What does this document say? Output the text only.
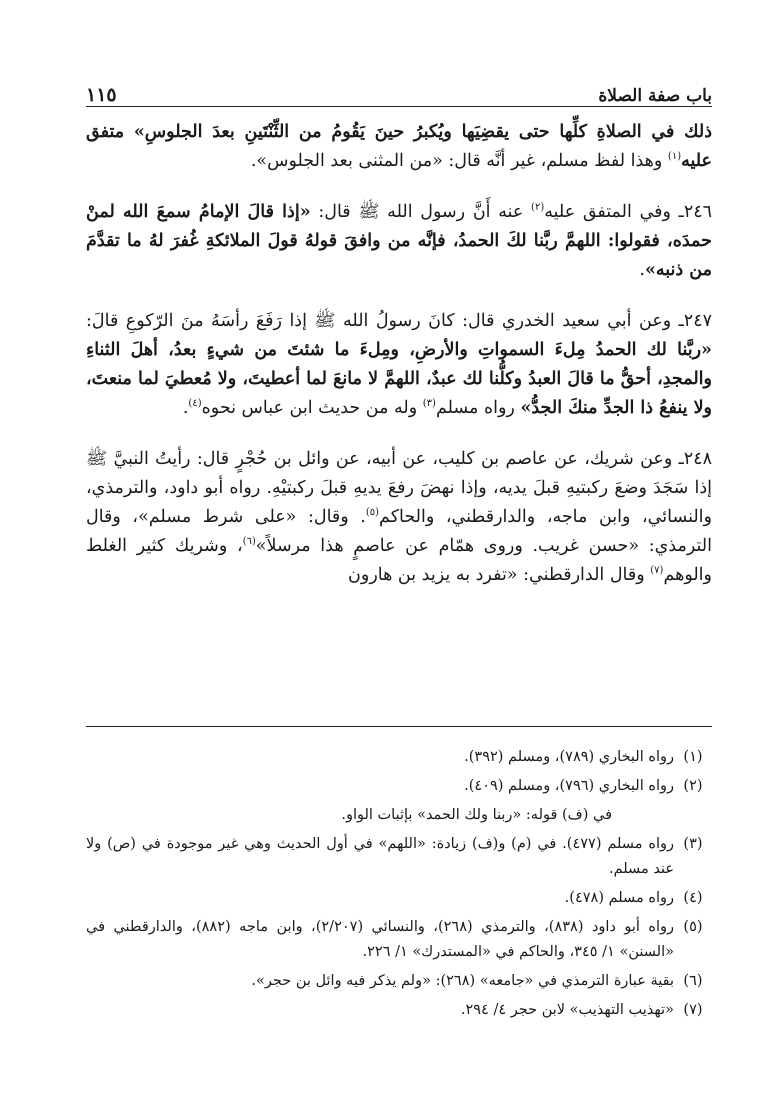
باب صفة الصلاة
١١٥

ذلك في الصلاةِ كلِّها حتى يقضِيَها ويُكبرُ حينَ يَقُومُ من الثِّنْتَينِ بعدَ الجلوسِ» متفق عليه$^{(١)}$ وهذا لفظ مسلم، غير أنَّه قال: «من المثنى بعد الجلوس».

٢٤٦ـ وفي المتفق عليه$^{(٢)}$ عنه أَنَّ رسول الله ﷺ قال: «إذا قالَ الإمامُ سمعَ الله لمنْ حمدَه، فقولوا: اللهمَّ ربَّنا لكَ الحمدُ، فإنَّه من وافقَ قولهُ قولَ الملائكةِ غُفرَ لهُ ما تقدَّمَ من ذنبه».

٢٤٧ـ وعن أبي سعيد الخدري قال: كانَ رسولُ الله ﷺ إذا رَفَعَ رأسَهُ منَ الرّكوعِ قالَ: «ربَّنا لك الحمدُ مِلءَ السمواتِ والأرضِ، ومِلءَ ما شئتَ من شيءٍ بعدُ، أهلَ الثناءِ والمجدِ، أحقُّ ما قالَ العبدُ وكلُّنا لك عبدٌ، اللهمَّ لا مانعَ لما أعطيتَ، ولا مُعطيَ لما منعتَ، ولا ينفعُ ذا الجدِّ منكَ الجدُّ» رواه مسلم$^{(٣)}$ وله من حديث ابن عباس نحوه$^{(٤)}$.

٢٤٨ـ وعن شريك، عن عاصم بن كليب، عن أبيه، عن وائل بن حُجْرٍ قال: رأيتُ النبيَّ ﷺ إذا سَجَدَ وضعَ ركبتيهِ قبلَ يديه، وإذا نهضَ رفعَ يديهِ قبلَ ركبتيْهِ. رواه أبو داود، والترمذي، والنسائي، وابن ماجه، والدارقطني، والحاكم$^{(٥)}$. وقال: «على شرط مسلم»، وقال الترمذي: «حسن غريب. وروى همّام عن عاصمٍ هذا مرسلاً»$^{(٦)}$، وشريك كثير الغلط والوهم$^{(٧)}$ وقال الدارقطني: «تفرد به يزيد بن هارون

(١)
رواه البخاري (٧٨٩)، ومسلم (٣٩٢).
(٢)
رواه البخاري (٧٩٦)، ومسلم (٤٠٩).
في (ف) قوله: «ربنا ولك الحمد» بإثبات الواو.
(٣)
رواه مسلم (٤٧٧). في (م) و(ف) زيادة: «اللهم» في أول الحديث وهي غير موجودة في (ص) ولا عند مسلم.
(٤)
رواه مسلم (٤٧٨).
(٥)
رواه أبو داود (٨٣٨)، والترمذي (٢٦٨)، والنسائي (٢/٢٠٧)، وابن ماجه (٨٨٢)، والدارقطني في «السنن» ١/ ٣٤٥، والحاكم في «المستدرك» ١/ ٢٢٦.
(٦)
بقية عبارة الترمذي في «جامعه» (٢٦٨): «ولم يذكر فيه وائل بن حجر».
(٧)
«تهذيب التهذيب» لابن حجر ٤/ ٢٩٤.
